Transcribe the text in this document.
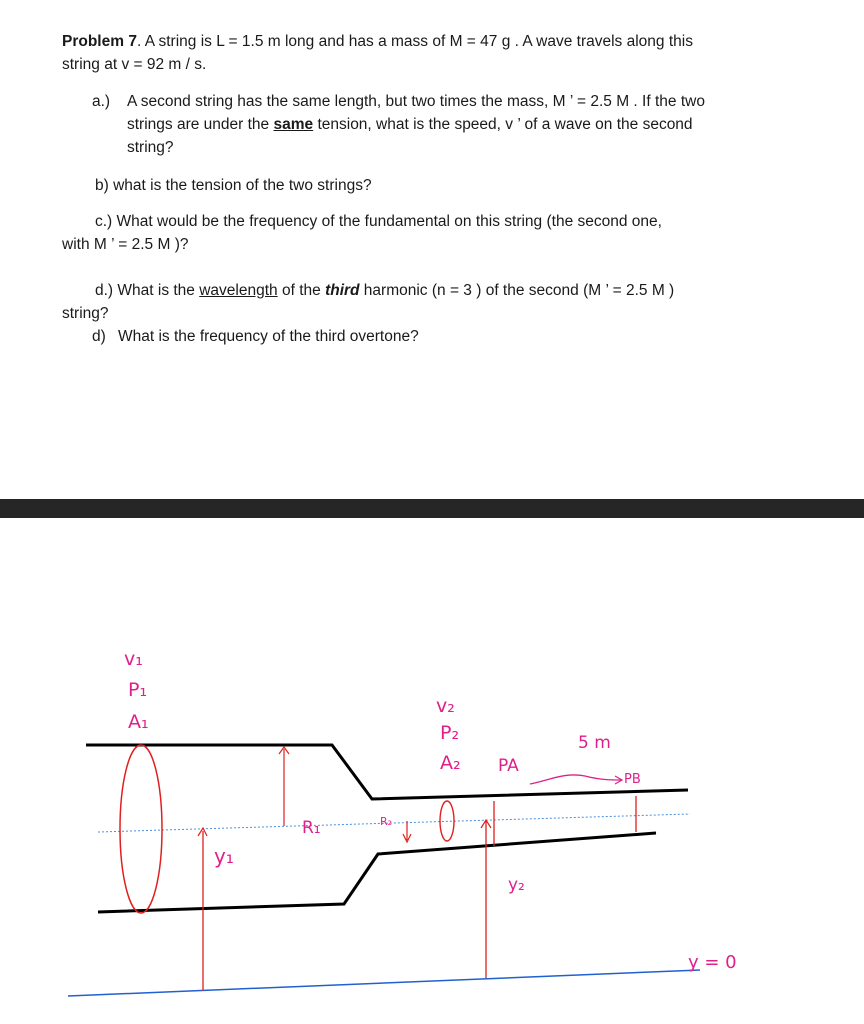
Problem 7. A string is L = 1.5 m long and has a mass of M = 47 g . A wave travels along this
string at v = 92 m / s.
a.) A second string has the same length, but two times the mass, M ’ = 2.5 M . If the two
strings are under the same tension, what is the speed, v ’ of a wave on the second
string?
b) what is the tension of the two strings?
c.) What would be the frequency of the fundamental on this string (the second one,
with M ’ = 2.5 M )?
d.) What is the wavelength of the third harmonic (n = 3 ) of the second (M ’ = 2.5 M )
string?
d) What is the frequency of the third overtone?
v₁
P₁
A₁
v₂
P₂
A₂ PA
PB
5 m
R₁	R₂
y₁
y₂
y = 0
